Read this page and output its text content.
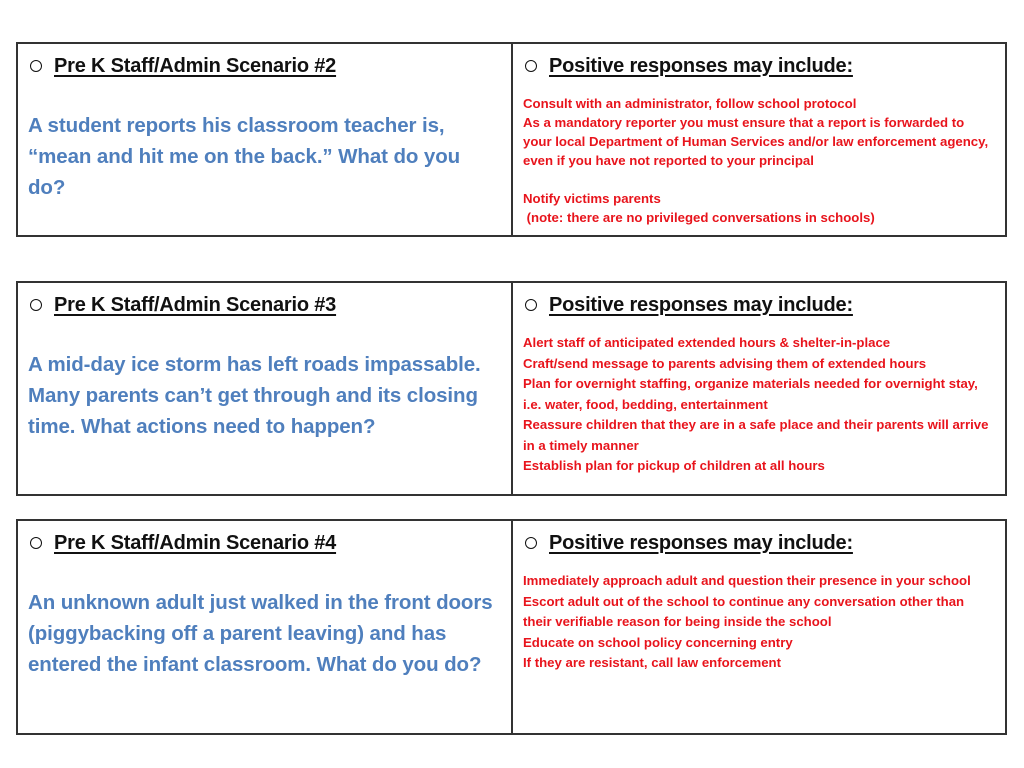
Pre K Staff/Admin Scenario #2
A student reports his classroom teacher is, “mean and hit me on the back.” What do you do?
Positive responses may include:
Consult with an administrator, follow school protocol
As a mandatory reporter you must ensure that a report is forwarded to your local Department of Human Services and/or law enforcement agency, even if you have not reported to your principal
Notify victims parents
(note: there are no privileged conversations in schools)
Pre K Staff/Admin Scenario #3
A mid-day ice storm has left roads impassable. Many parents can’t get through and its closing time. What actions need to happen?
Positive responses may include:
Alert staff of anticipated extended hours & shelter-in-place
Craft/send message to parents advising them of extended hours
Plan for overnight staffing, organize materials needed for overnight stay, i.e. water, food, bedding, entertainment
Reassure children that they are in a safe place and their parents will arrive in a timely manner
Establish plan for pickup of children at all hours
Pre K Staff/Admin Scenario #4
An unknown adult just walked in the front doors (piggybacking off a parent leaving) and has entered the infant classroom. What do you do?
Positive responses may include:
Immediately approach adult and question their presence in your school
Escort adult out of the school to continue any conversation other than their verifiable reason for being inside the school
Educate on school policy concerning entry
If they are resistant, call law enforcement
